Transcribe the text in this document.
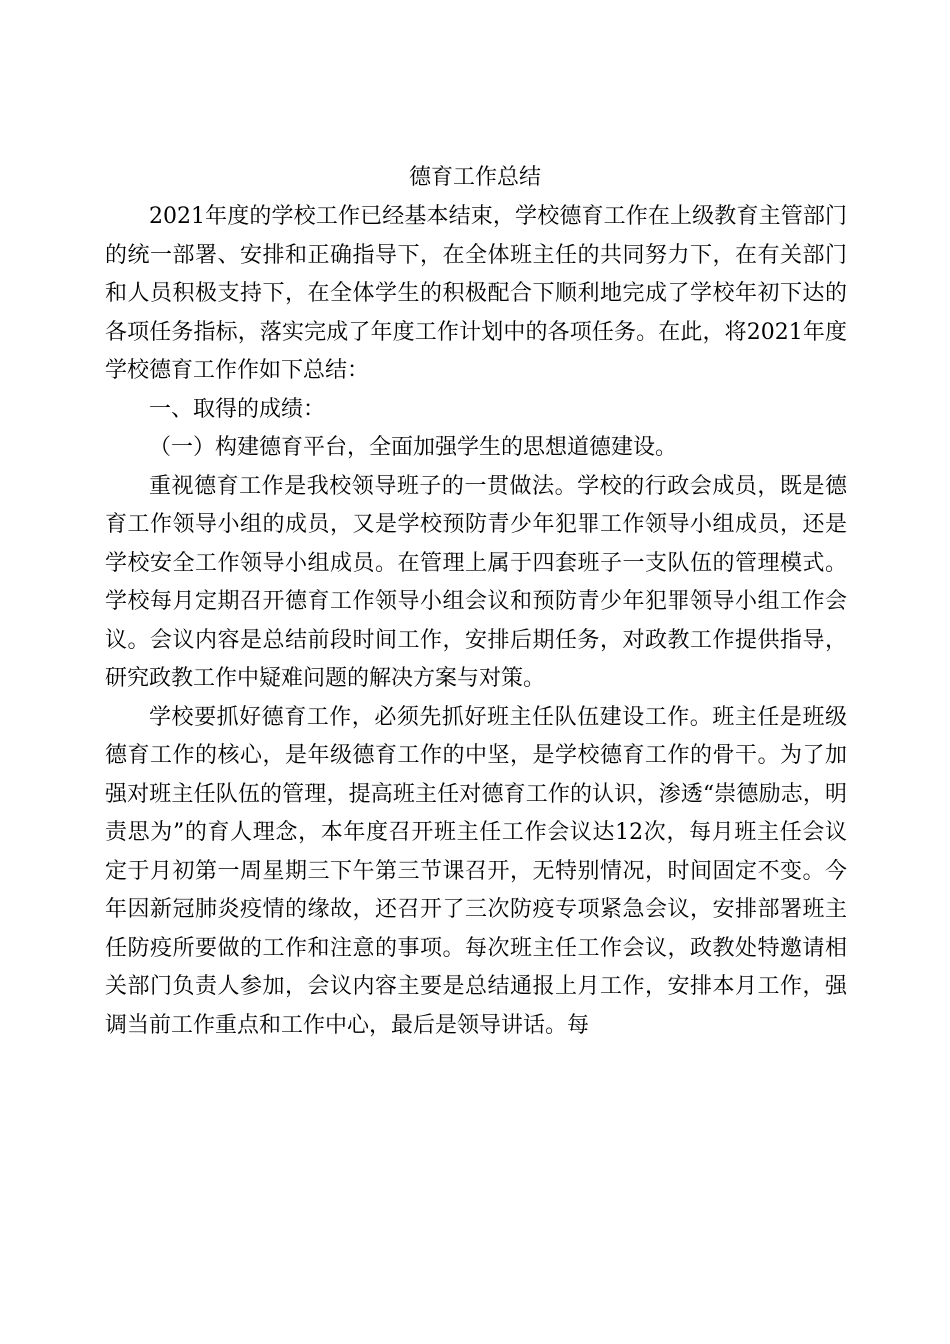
德育工作总结

2021年度的学校工作已经基本结束，学校德育工作在上级教育主管部门的统一部署、安排和正确指导下，在全体班主任的共同努力下，在有关部门和人员积极支持下，在全体学生的积极配合下顺利地完成了学校年初下达的各项任务指标，落实完成了年度工作计划中的各项任务。在此，将2021年度学校德育工作作如下总结：

一、取得的成绩：

（一）构建德育平台，全面加强学生的思想道德建设。

重视德育工作是我校领导班子的一贯做法。学校的行政会成员，既是德育工作领导小组的成员，又是学校预防青少年犯罪工作领导小组成员，还是学校安全工作领导小组成员。在管理上属于四套班子一支队伍的管理模式。学校每月定期召开德育工作领导小组会议和预防青少年犯罪领导小组工作会议。会议内容是总结前段时间工作，安排后期任务，对政教工作提供指导，研究政教工作中疑难问题的解决方案与对策。

学校要抓好德育工作，必须先抓好班主任队伍建设工作。班主任是班级德育工作的核心，是年级德育工作的中坚，是学校德育工作的骨干。为了加强对班主任队伍的管理，提高班主任对德育工作的认识，渗透“崇德励志，明责思为”的育人理念，本年度召开班主任工作会议达12次，每月班主任会议定于月初第一周星期三下午第三节课召开，无特别情况，时间固定不变。今年因新冠肺炎疫情的缘故，还召开了三次防疫专项紧急会议，安排部署班主任防疫所要做的工作和注意的事项。每次班主任工作会议，政教处特邀请相关部门负责人参加，会议内容主要是总结通报上月工作，安排本月工作，强调当前工作重点和工作中心，最后是领导讲话。每
